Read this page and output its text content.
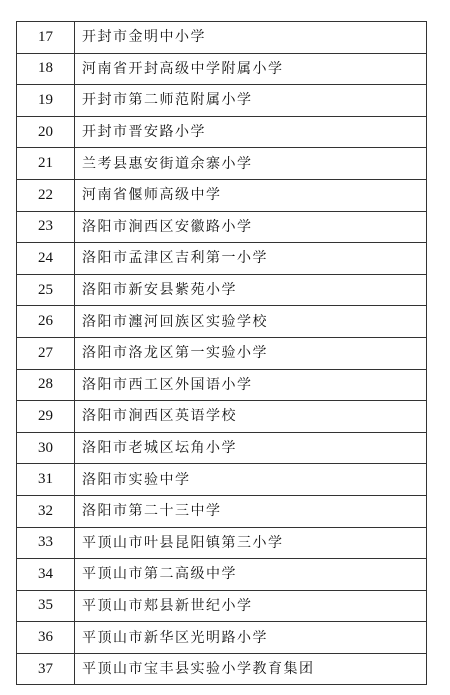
17	开封市金明中小学
18	河南省开封高级中学附属小学
19	开封市第二师范附属小学
20	开封市晋安路小学
21	兰考县惠安街道余寨小学
22	河南省偃师高级中学
23	洛阳市涧西区安徽路小学
24	洛阳市孟津区吉利第一小学
25	洛阳市新安县紫苑小学
26	洛阳市瀍河回族区实验学校
27	洛阳市洛龙区第一实验小学
28	洛阳市西工区外国语小学
29	洛阳市涧西区英语学校
30	洛阳市老城区坛角小学
31	洛阳市实验中学
32	洛阳市第二十三中学
33	平顶山市叶县昆阳镇第三小学
34	平顶山市第二高级中学
35	平顶山市郏县新世纪小学
36	平顶山市新华区光明路小学
37	平顶山市宝丰县实验小学教育集团
